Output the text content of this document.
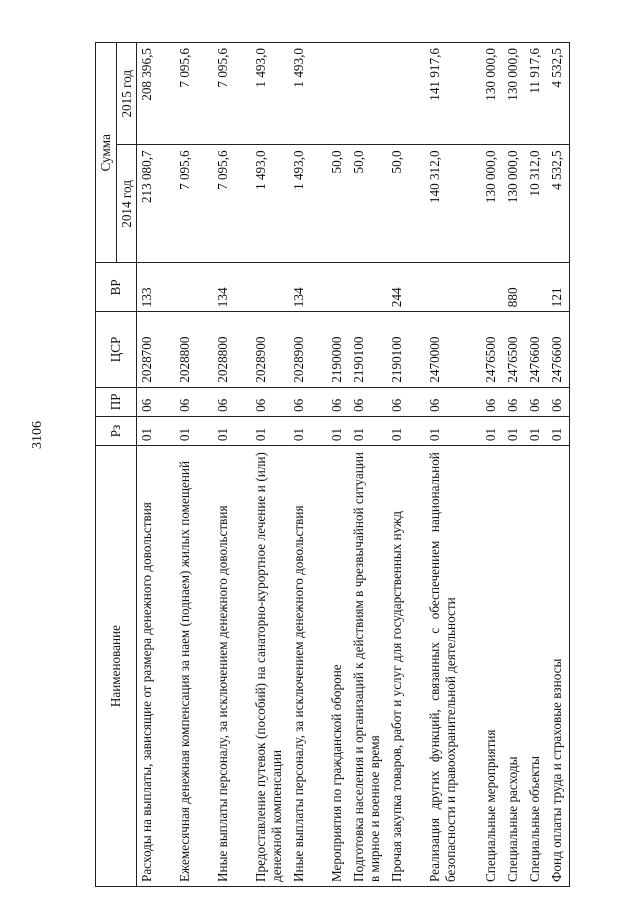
3106
Наименование	Рз	ПР	ЦСР	ВР	Сумма	
					2014 год	2015 год
Расходы на выплаты, зависящие от размера денежного довольствия	01	06	2028700	133	213 080,7	208 396,5
Ежемесячная денежная компенсация за наем (поднаем) жилых помещений	01	06	2028800		7 095,6	7 095,6
Иные выплаты персоналу, за исключением денежного довольствия	01	06	2028800	134	7 095,6	7 095,6
Предоставление путевок (пособий) на санаторно-курортное лечение и (или) денежной компенсации	01	06	2028900		1 493,0	1 493,0
Иные выплаты персоналу, за исключением денежного довольствия	01	06	2028900	134	1 493,0	1 493,0
Мероприятия по гражданской обороне	01	06	2190000		50,0	
Подготовка населения и организаций к действиям в чрезвычайной ситуации в мирное и военное время	01	06	2190100		50,0	
Прочая закупка товаров, работ и услуг для государственных нужд	01	06	2190100	244	50,0	
Реализация других функций, связанных с обеспечением национальной безопасности и правоохранительной деятельности	01	06	2470000		140 312,0	141 917,6
Специальные мероприятия	01	06	2476500		130 000,0	130 000,0
Специальные расходы	01	06	2476500	880	130 000,0	130 000,0
Специальные объекты	01	06	2476600		10 312,0	11 917,6
Фонд оплаты труда и страховые взносы	01	06	2476600	121	4 532,5	4 532,5
